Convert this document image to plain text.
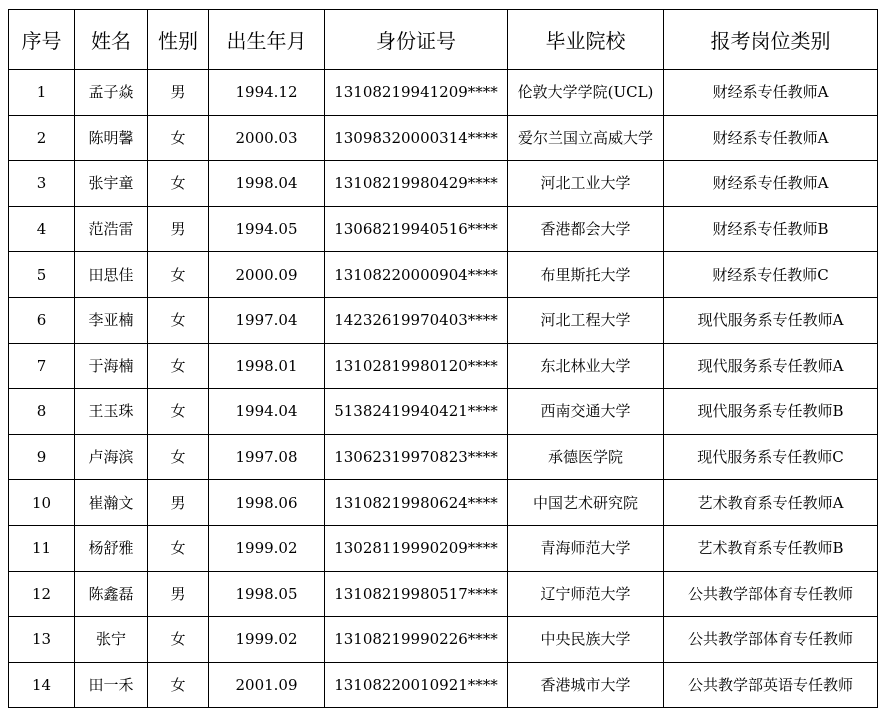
序号	姓名	性别	出生年月	身份证号	毕业院校	报考岗位类别
1	孟子焱	男	1994.12	13108219941209****	伦敦大学学院(UCL)	财经系专任教师A
2	陈明馨	女	2000.03	13098320000314****	爱尔兰国立高威大学	财经系专任教师A
3	张宇童	女	1998.04	13108219980429****	河北工业大学	财经系专任教师A
4	范浩雷	男	1994.05	13068219940516****	香港都会大学	财经系专任教师B
5	田思佳	女	2000.09	13108220000904****	布里斯托大学	财经系专任教师C
6	李亚楠	女	1997.04	14232619970403****	河北工程大学	现代服务系专任教师A
7	于海楠	女	1998.01	13102819980120****	东北林业大学	现代服务系专任教师A
8	王玉珠	女	1994.04	51382419940421****	西南交通大学	现代服务系专任教师B
9	卢海滨	女	1997.08	13062319970823****	承德医学院	现代服务系专任教师C
10	崔瀚文	男	1998.06	13108219980624****	中国艺术研究院	艺术教育系专任教师A
11	杨舒雅	女	1999.02	13028119990209****	青海师范大学	艺术教育系专任教师B
12	陈鑫磊	男	1998.05	13108219980517****	辽宁师范大学	公共教学部体育专任教师
13	张宁	女	1999.02	13108219990226****	中央民族大学	公共教学部体育专任教师
14	田一禾	女	2001.09	13108220010921****	香港城市大学	公共教学部英语专任教师
